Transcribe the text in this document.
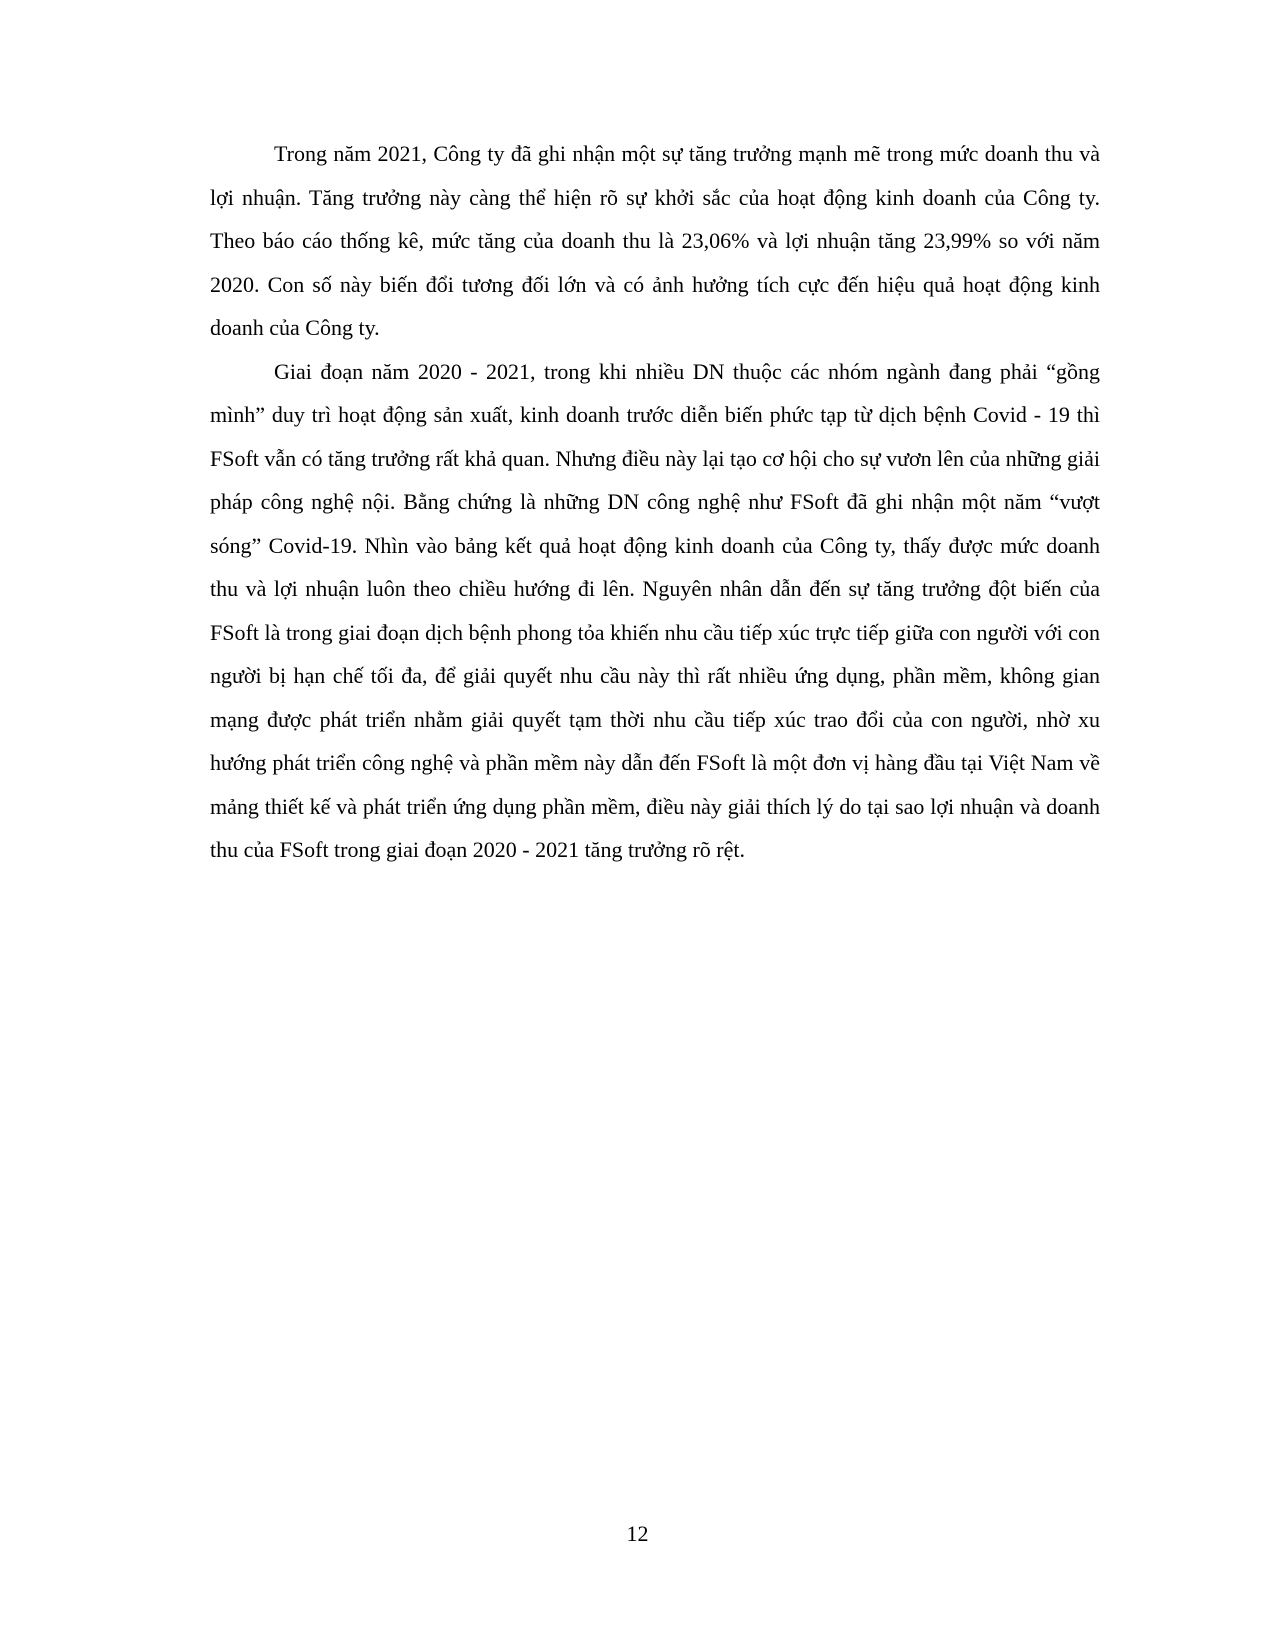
Trong năm 2021, Công ty đã ghi nhận một sự tăng trưởng mạnh mẽ trong mức doanh thu và lợi nhuận. Tăng trưởng này càng thể hiện rõ sự khởi sắc của hoạt động kinh doanh của Công ty. Theo báo cáo thống kê, mức tăng của doanh thu là 23,06% và lợi nhuận tăng 23,99% so với năm 2020. Con số này biến đổi tương đối lớn và có ảnh hưởng tích cực đến hiệu quả hoạt động kinh doanh của Công ty.

Giai đoạn năm 2020 - 2021, trong khi nhiều DN thuộc các nhóm ngành đang phải “gồng mình” duy trì hoạt động sản xuất, kinh doanh trước diễn biến phức tạp từ dịch bệnh Covid - 19 thì FSoft vẫn có tăng trưởng rất khả quan. Nhưng điều này lại tạo cơ hội cho sự vươn lên của những giải pháp công nghệ nội. Bằng chứng là những DN công nghệ như FSoft đã ghi nhận một năm “vượt sóng” Covid-19. Nhìn vào bảng kết quả hoạt động kinh doanh của Công ty, thấy được mức doanh thu và lợi nhuận luôn theo chiều hướng đi lên. Nguyên nhân dẫn đến sự tăng trưởng đột biến của FSoft là trong giai đoạn dịch bệnh phong tỏa khiến nhu cầu tiếp xúc trực tiếp giữa con người với con người bị hạn chế tối đa, để giải quyết nhu cầu này thì rất nhiều ứng dụng, phần mềm, không gian mạng được phát triển nhằm giải quyết tạm thời nhu cầu tiếp xúc trao đổi của con người, nhờ xu hướng phát triển công nghệ và phần mềm này dẫn đến FSoft là một đơn vị hàng đầu tại Việt Nam về mảng thiết kế và phát triển ứng dụng phần mềm, điều này giải thích lý do tại sao lợi nhuận và doanh thu của FSoft trong giai đoạn 2020 - 2021 tăng trưởng rõ rệt.

12
